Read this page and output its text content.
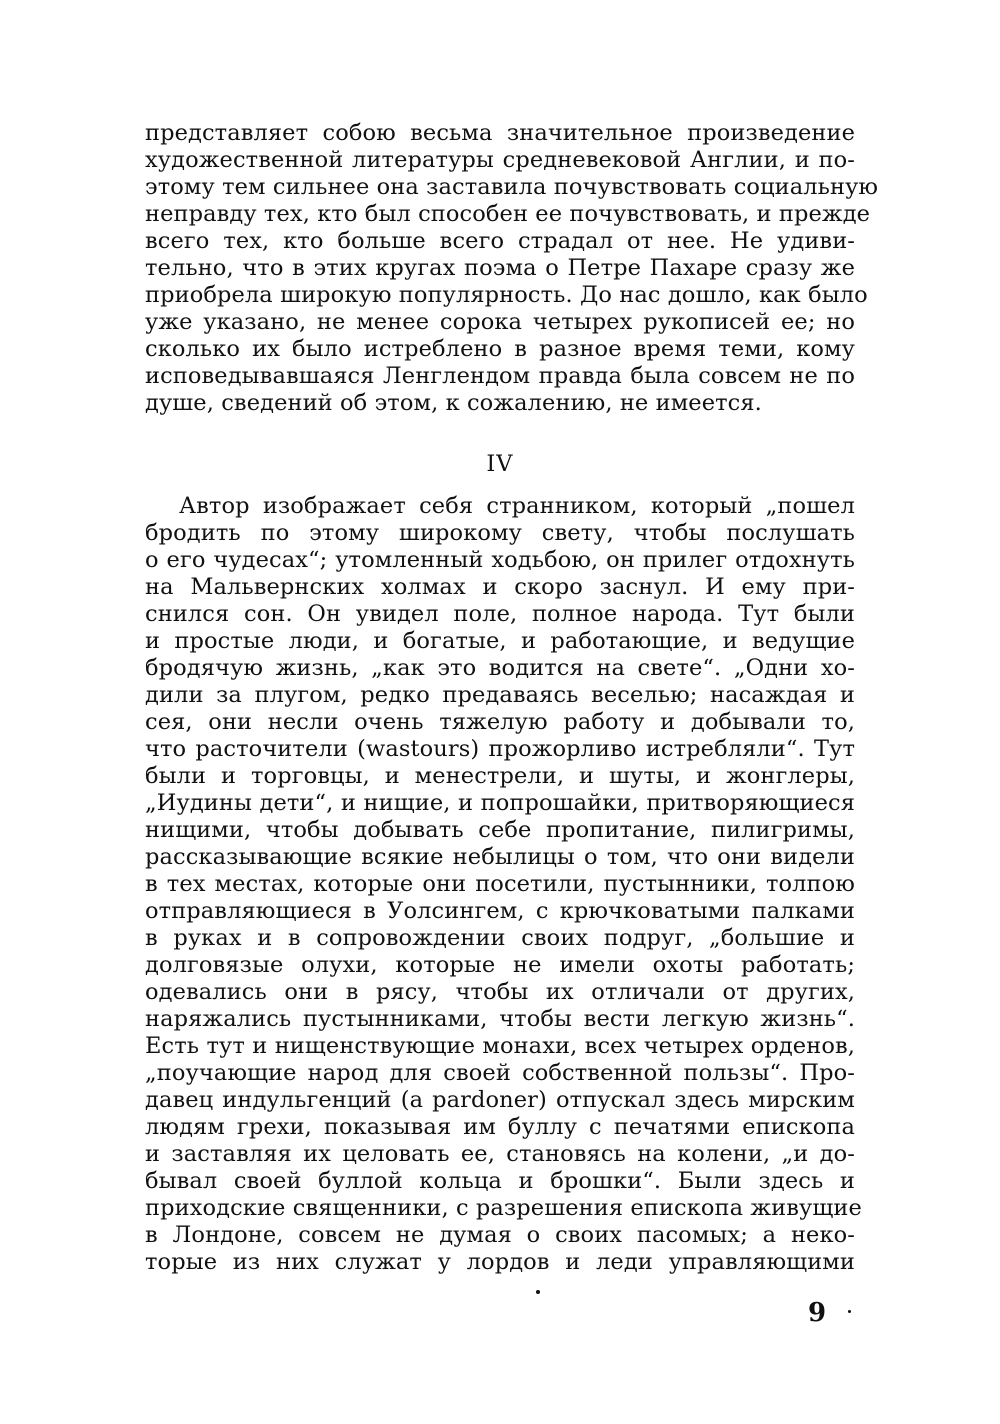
представляет собою весьма значительное произведение
художественной литературы средневековой Англии, и по-
этому тем сильнее она заставила почувствовать социальную
неправду тех, кто был способен ее почувствовать, и прежде
всего тех, кто больше всего страдал от нее. Не удиви-
тельно, что в этих кругах поэма о Петре Пахаре сразу же
приобрела широкую популярность. До нас дошло, как было
уже указано, не менее сорока четырех рукописей ее; но
сколько их было истреблено в разное время теми, кому
исповедывавшаяся Ленглендом правда была совсем не по
душе, сведений об этом, к сожалению, не имеется.
IV
Автор изображает себя странником, который „пошел
бродить по этому широкому свету, чтобы послушать
о его чудесах“; утомленный ходьбою, он прилег отдохнуть
на Мальвернских холмах и скоро заснул. И ему при-
снился сон. Он увидел поле, полное народа. Тут были
и простые люди, и богатые, и работающие, и ведущие
бродячую жизнь, „как это водится на свете“. „Одни хо-
дили за плугом, редко предаваясь веселью; насаждая и
сея, они несли очень тяжелую работу и добывали то,
что расточители (wastours) прожорливо истребляли“. Тут
были и торговцы, и менестрели, и шуты, и жонглеры,
„Иудины дети“, и нищие, и попрошайки, притворяющиеся
нищими, чтобы добывать себе пропитание, пилигримы,
рассказывающие всякие небылицы о том, что они видели
в тех местах, которые они посетили, пустынники, толпою
отправляющиеся в Уолсингем, с крючковатыми палками
в руках и в сопровождении своих подруг, „большие и
долговязые олухи, которые не имели охоты работать;
одевались они в рясу, чтобы их отличали от других,
наряжались пустынниками, чтобы вести легкую жизнь“.
Есть тут и нищенствующие монахи, всех четырех орденов,
„поучающие народ для своей собственной пользы“. Про-
давец индульгенций (a pardoner) отпускал здесь мирским
людям грехи, показывая им буллу с печатями епископа
и заставляя их целовать ее, становясь на колени, „и до-
бывал своей буллой кольца и брошки“. Были здесь и
приходские священники, с разрешения епископа живущие
в Лондоне, совсем не думая о своих пасомых; а неко-
торые из них служат у лордов и леди управляющими
9
